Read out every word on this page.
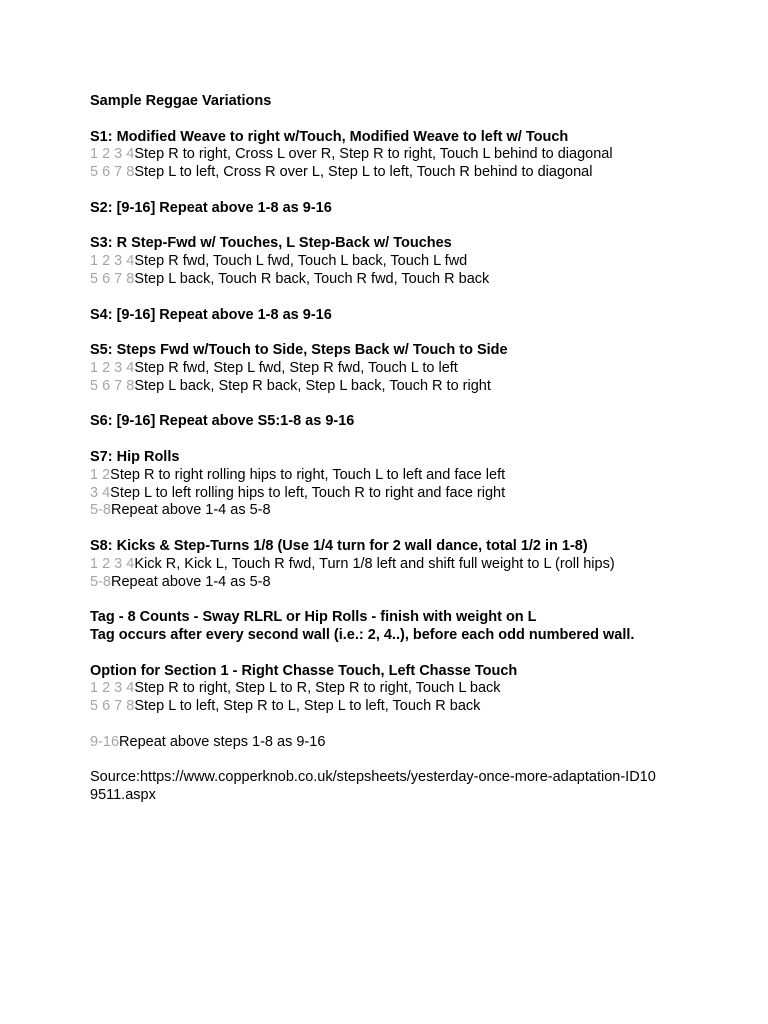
Sample Reggae Variations
S1: Modified Weave to right w/Touch, Modified Weave to left w/ Touch
1 2 3 4Step R to right, Cross L over R, Step R to right, Touch L behind to diagonal
5 6 7 8Step L to left, Cross R over L, Step L to left, Touch R behind to diagonal
S2: [9-16] Repeat above 1-8 as 9-16
S3: R Step-Fwd w/ Touches, L Step-Back w/ Touches
1 2 3 4Step R fwd, Touch L fwd, Touch L back, Touch L fwd
5 6 7 8Step L back, Touch R back, Touch R fwd, Touch R back
S4: [9-16] Repeat above 1-8 as 9-16
S5: Steps Fwd w/Touch to Side, Steps Back w/ Touch to Side
1 2 3 4Step R fwd, Step L fwd, Step R fwd, Touch L to left
5 6 7 8Step L back, Step R back, Step L back, Touch R to right
S6: [9-16] Repeat above S5:1-8 as 9-16
S7: Hip Rolls
1 2Step R to right rolling hips to right, Touch L to left and face left
3 4Step L to left rolling hips to left, Touch R to right and face right
5-8Repeat above 1-4 as 5-8
S8: Kicks & Step-Turns 1/8 (Use 1/4 turn for 2 wall dance, total 1/2 in 1-8)
1 2 3 4Kick R, Kick L, Touch R fwd, Turn 1/8 left and shift full weight to L (roll hips)
5-8Repeat above 1-4 as 5-8
Tag - 8 Counts - Sway RLRL or Hip Rolls - finish with weight on L
Tag occurs after every second wall (i.e.: 2, 4..), before each odd numbered wall.
Option for Section 1 - Right Chasse Touch, Left Chasse Touch
1 2 3 4Step R to right, Step L to R, Step R to right, Touch L back
5 6 7 8Step L to left, Step R to L, Step L to left, Touch R back
9-16Repeat above steps 1-8 as 9-16
Source:https://www.copperknob.co.uk/stepsheets/yesterday-once-more-adaptation-ID109511.aspx
